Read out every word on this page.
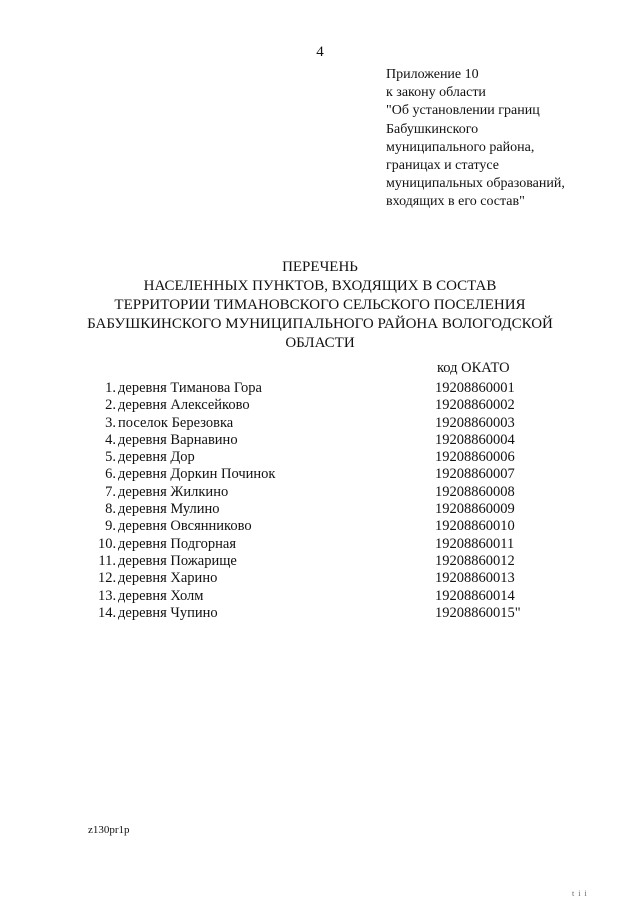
4
Приложение 10
к закону области
"Об установлении границ
Бабушкинского
муниципального района,
границах и статусе
муниципальных образований,
входящих в его состав"
ПЕРЕЧЕНЬ
НАСЕЛЕННЫХ ПУНКТОВ, ВХОДЯЩИХ В СОСТАВ
ТЕРРИТОРИИ ТИМАНОВСКОГО СЕЛЬСКОГО ПОСЕЛЕНИЯ
БАБУШКИНСКОГО МУНИЦИПАЛЬНОГО РАЙОНА ВОЛОГОДСКОЙ
ОБЛАСТИ
код ОКАТО
1. деревня Тиманова Гора	19208860001
2. деревня Алексейково	19208860002
3. поселок Березовка	19208860003
4. деревня Варнавино	19208860004
5. деревня Дор	19208860006
6. деревня Доркин Починок	19208860007
7. деревня Жилкино	19208860008
8. деревня Мулино	19208860009
9. деревня Овсянниково	19208860010
10. деревня Подгорная	19208860011
11. деревня Пожарище	19208860012
12. деревня Харино	19208860013
13. деревня Холм	19208860014
14. деревня Чупино	19208860015"
z130pr1p
t i i
